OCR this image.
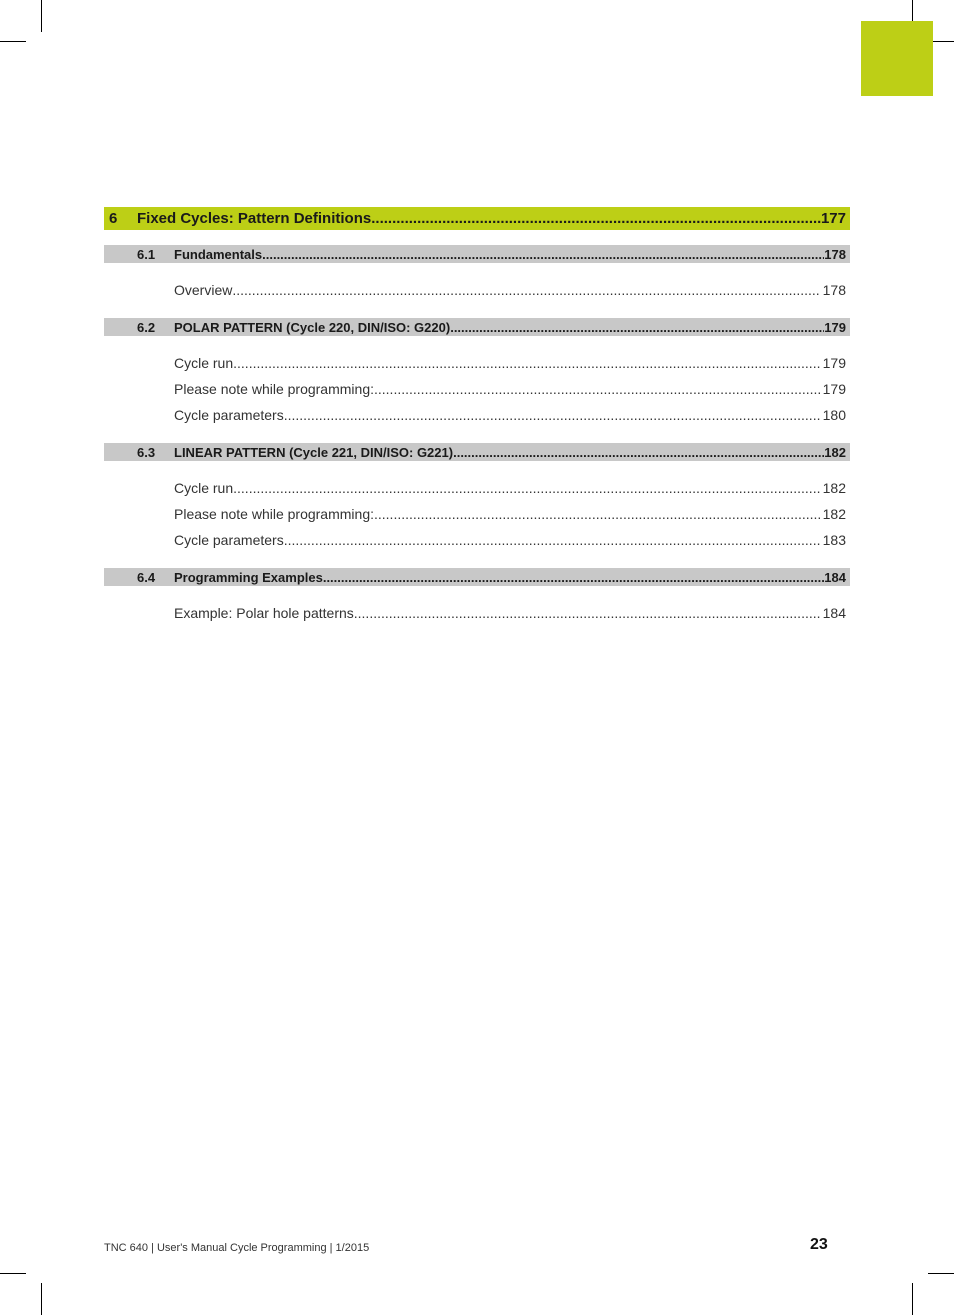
6	Fixed Cycles: Pattern Definitions .....	177
6.1	Fundamentals .....	178
Overview .....	178
6.2	POLAR PATTERN (Cycle 220, DIN/ISO: G220) .....	179
Cycle run .....	179
Please note while programming: .....	179
Cycle parameters .....	180
6.3	LINEAR PATTERN (Cycle 221, DIN/ISO: G221) .....	182
Cycle run .....	182
Please note while programming: .....	182
Cycle parameters .....	183
6.4	Programming Examples .....	184
Example: Polar hole patterns .....	184
TNC 640 | User's Manual Cycle Programming | 1/2015	23
